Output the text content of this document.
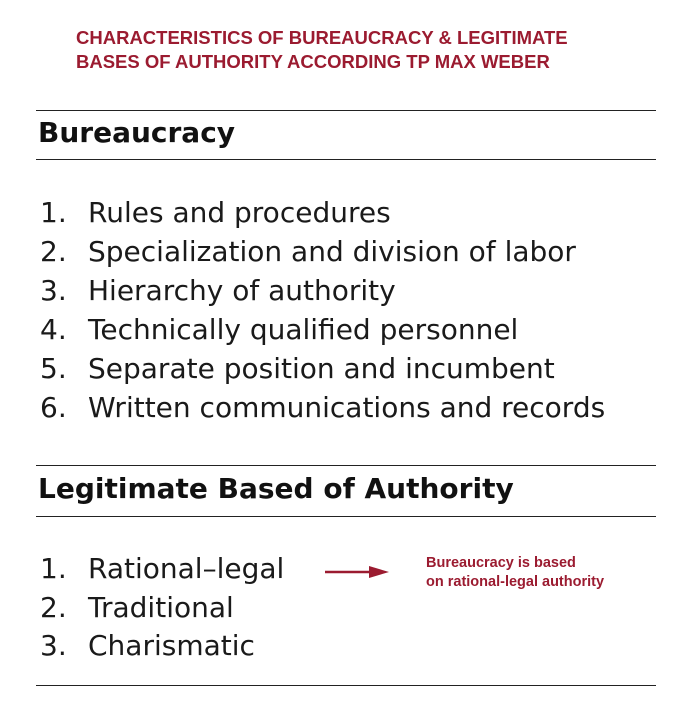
CHARACTERISTICS OF BUREAUCRACY & LEGITIMATE
BASES OF AUTHORITY ACCORDING TP MAX WEBER
Bureaucracy
1. Rules and procedures
2. Specialization and division of labor
3. Hierarchy of authority
4. Technically qualified personnel
5. Separate position and incumbent
6. Written communications and records
Legitimate Based of Authority
1. Rational–legal
2. Traditional
3. Charismatic
Bureaucracy is based
on rational-legal authority
